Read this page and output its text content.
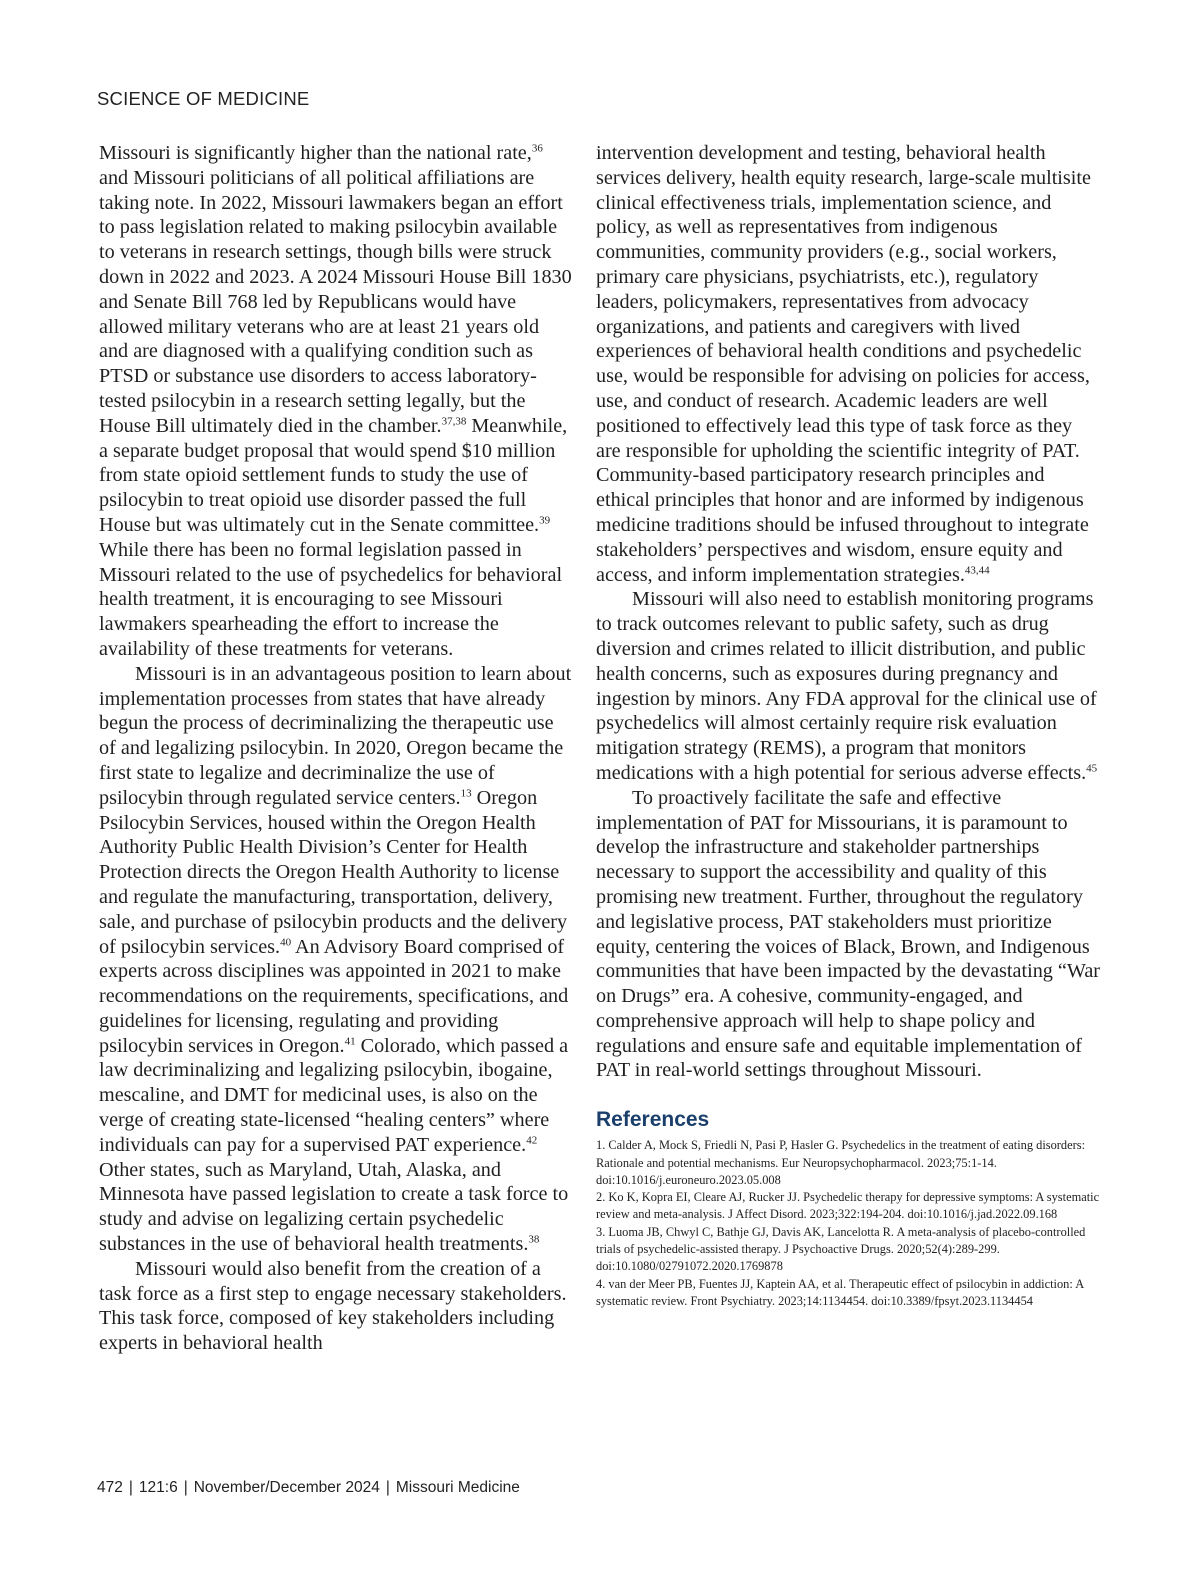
SCIENCE OF MEDICINE

Missouri is significantly higher than the national rate,$^{36}$ and Missouri politicians of all political affiliations are taking note. In 2022, Missouri lawmakers began an effort to pass legislation related to making psilocybin available to veterans in research settings, though bills were struck down in 2022 and 2023. A 2024 Missouri House Bill 1830 and Senate Bill 768 led by Republicans would have allowed military veterans who are at least 21 years old and are diagnosed with a qualifying condition such as PTSD or substance use disorders to access laboratory-tested psilocybin in a research setting legally, but the House Bill ultimately died in the chamber.$^{37,38}$ Meanwhile, a separate budget proposal that would spend $10 million from state opioid settlement funds to study the use of psilocybin to treat opioid use disorder passed the full House but was ultimately cut in the Senate committee.$^{39}$ While there has been no formal legislation passed in Missouri related to the use of psychedelics for behavioral health treatment, it is encouraging to see Missouri lawmakers spearheading the effort to increase the availability of these treatments for veterans.

Missouri is in an advantageous position to learn about implementation processes from states that have already begun the process of decriminalizing the therapeutic use of and legalizing psilocybin. In 2020, Oregon became the first state to legalize and decriminalize the use of psilocybin through regulated service centers.$^{13}$ Oregon Psilocybin Services, housed within the Oregon Health Authority Public Health Division’s Center for Health Protection directs the Oregon Health Authority to license and regulate the manufacturing, transportation, delivery, sale, and purchase of psilocybin products and the delivery of psilocybin services.$^{40}$ An Advisory Board comprised of experts across disciplines was appointed in 2021 to make recommendations on the requirements, specifications, and guidelines for licensing, regulating and providing psilocybin services in Oregon.$^{41}$ Colorado, which passed a law decriminalizing and legalizing psilocybin, ibogaine, mescaline, and DMT for medicinal uses, is also on the verge of creating state-licensed “healing centers” where individuals can pay for a supervised PAT experience.$^{42}$ Other states, such as Maryland, Utah, Alaska, and Minnesota have passed legislation to create a task force to study and advise on legalizing certain psychedelic substances in the use of behavioral health treatments.$^{38}$

Missouri would also benefit from the creation of a task force as a first step to engage necessary stakeholders. This task force, composed of key stakeholders including experts in behavioral health

intervention development and testing, behavioral health services delivery, health equity research, large-scale multisite clinical effectiveness trials, implementation science, and policy, as well as representatives from indigenous communities, community providers (e.g., social workers, primary care physicians, psychiatrists, etc.), regulatory leaders, policymakers, representatives from advocacy organizations, and patients and caregivers with lived experiences of behavioral health conditions and psychedelic use, would be responsible for advising on policies for access, use, and conduct of research. Academic leaders are well positioned to effectively lead this type of task force as they are responsible for upholding the scientific integrity of PAT. Community-based participatory research principles and ethical principles that honor and are informed by indigenous medicine traditions should be infused throughout to integrate stakeholders’ perspectives and wisdom, ensure equity and access, and inform implementation strategies.$^{43,44}$

Missouri will also need to establish monitoring programs to track outcomes relevant to public safety, such as drug diversion and crimes related to illicit distribution, and public health concerns, such as exposures during pregnancy and ingestion by minors. Any FDA approval for the clinical use of psychedelics will almost certainly require risk evaluation mitigation strategy (REMS), a program that monitors medications with a high potential for serious adverse effects.$^{45}$

To proactively facilitate the safe and effective implementation of PAT for Missourians, it is paramount to develop the infrastructure and stakeholder partnerships necessary to support the accessibility and quality of this promising new treatment. Further, throughout the regulatory and legislative process, PAT stakeholders must prioritize equity, centering the voices of Black, Brown, and Indigenous communities that have been impacted by the devastating “War on Drugs” era. A cohesive, community-engaged, and comprehensive approach will help to shape policy and regulations and ensure safe and equitable implementation of PAT in real-world settings throughout Missouri.

References
1. Calder A, Mock S, Friedli N, Pasi P, Hasler G. Psychedelics in the treatment of eating disorders: Rationale and potential mechanisms. Eur Neuropsychopharmacol. 2023;75:1-14. doi:10.1016/j.euroneuro.2023.05.008
2. Ko K, Kopra EI, Cleare AJ, Rucker JJ. Psychedelic therapy for depressive symptoms: A systematic review and meta-analysis. J Affect Disord. 2023;322:194-204. doi:10.1016/j.jad.2022.09.168
3. Luoma JB, Chwyl C, Bathje GJ, Davis AK, Lancelotta R. A meta-analysis of placebo-controlled trials of psychedelic-assisted therapy. J Psychoactive Drugs. 2020;52(4):289-299. doi:10.1080/02791072.2020.1769878
4. van der Meer PB, Fuentes JJ, Kaptein AA, et al. Therapeutic effect of psilocybin in addiction: A systematic review. Front Psychiatry. 2023;14:1134454. doi:10.3389/fpsyt.2023.1134454
472 | 121:6 | November/December 2024 | Missouri Medicine
